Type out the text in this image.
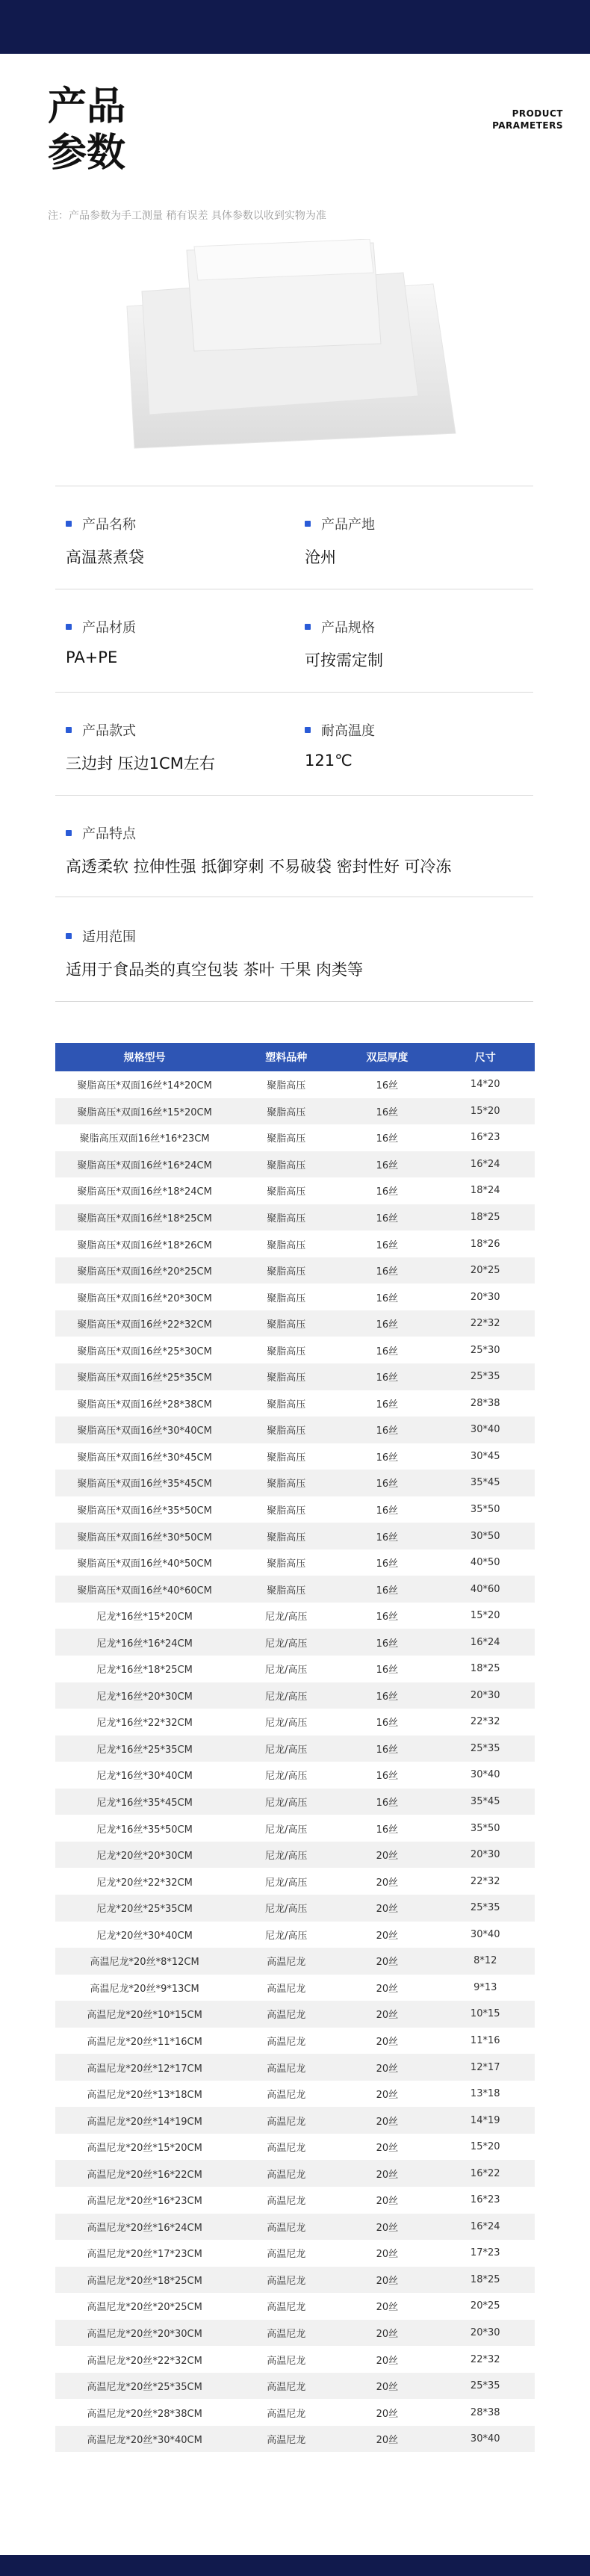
产品
参数
PRODUCT
PARAMETERS
注：产品参数为手工测量 稍有误差 具体参数以收到实物为准
产品名称
高温蒸煮袋
产品产地
沧州
产品材质
PA+PE
产品规格
可按需定制
产品款式
三边封 压边1CM左右
耐高温度
121℃
产品特点
高透柔软 拉伸性强 抵御穿刺 不易破袋 密封性好 可冷冻
适用范围
适用于食品类的真空包装 茶叶 干果 肉类等
规格型号	塑料品种	双层厚度	尺寸
聚脂高压*双面16丝*14*20CM	聚脂高压	16丝	14*20
聚脂高压*双面16丝*15*20CM	聚脂高压	16丝	15*20
聚脂高压双面16丝*16*23CM	聚脂高压	16丝	16*23
聚脂高压*双面16丝*16*24CM	聚脂高压	16丝	16*24
聚脂高压*双面16丝*18*24CM	聚脂高压	16丝	18*24
聚脂高压*双面16丝*18*25CM	聚脂高压	16丝	18*25
聚脂高压*双面16丝*18*26CM	聚脂高压	16丝	18*26
聚脂高压*双面16丝*20*25CM	聚脂高压	16丝	20*25
聚脂高压*双面16丝*20*30CM	聚脂高压	16丝	20*30
聚脂高压*双面16丝*22*32CM	聚脂高压	16丝	22*32
聚脂高压*双面16丝*25*30CM	聚脂高压	16丝	25*30
聚脂高压*双面16丝*25*35CM	聚脂高压	16丝	25*35
聚脂高压*双面16丝*28*38CM	聚脂高压	16丝	28*38
聚脂高压*双面16丝*30*40CM	聚脂高压	16丝	30*40
聚脂高压*双面16丝*30*45CM	聚脂高压	16丝	30*45
聚脂高压*双面16丝*35*45CM	聚脂高压	16丝	35*45
聚脂高压*双面16丝*35*50CM	聚脂高压	16丝	35*50
聚脂高压*双面16丝*30*50CM	聚脂高压	16丝	30*50
聚脂高压*双面16丝*40*50CM	聚脂高压	16丝	40*50
聚脂高压*双面16丝*40*60CM	聚脂高压	16丝	40*60
尼龙*16丝*15*20CM	尼龙/高压	16丝	15*20
尼龙*16丝*16*24CM	尼龙/高压	16丝	16*24
尼龙*16丝*18*25CM	尼龙/高压	16丝	18*25
尼龙*16丝*20*30CM	尼龙/高压	16丝	20*30
尼龙*16丝*22*32CM	尼龙/高压	16丝	22*32
尼龙*16丝*25*35CM	尼龙/高压	16丝	25*35
尼龙*16丝*30*40CM	尼龙/高压	16丝	30*40
尼龙*16丝*35*45CM	尼龙/高压	16丝	35*45
尼龙*16丝*35*50CM	尼龙/高压	16丝	35*50
尼龙*20丝*20*30CM	尼龙/高压	20丝	20*30
尼龙*20丝*22*32CM	尼龙/高压	20丝	22*32
尼龙*20丝*25*35CM	尼龙/高压	20丝	25*35
尼龙*20丝*30*40CM	尼龙/高压	20丝	30*40
高温尼龙*20丝*8*12CM	高温尼龙	20丝	8*12
高温尼龙*20丝*9*13CM	高温尼龙	20丝	9*13
高温尼龙*20丝*10*15CM	高温尼龙	20丝	10*15
高温尼龙*20丝*11*16CM	高温尼龙	20丝	11*16
高温尼龙*20丝*12*17CM	高温尼龙	20丝	12*17
高温尼龙*20丝*13*18CM	高温尼龙	20丝	13*18
高温尼龙*20丝*14*19CM	高温尼龙	20丝	14*19
高温尼龙*20丝*15*20CM	高温尼龙	20丝	15*20
高温尼龙*20丝*16*22CM	高温尼龙	20丝	16*22
高温尼龙*20丝*16*23CM	高温尼龙	20丝	16*23
高温尼龙*20丝*16*24CM	高温尼龙	20丝	16*24
高温尼龙*20丝*17*23CM	高温尼龙	20丝	17*23
高温尼龙*20丝*18*25CM	高温尼龙	20丝	18*25
高温尼龙*20丝*20*25CM	高温尼龙	20丝	20*25
高温尼龙*20丝*20*30CM	高温尼龙	20丝	20*30
高温尼龙*20丝*22*32CM	高温尼龙	20丝	22*32
高温尼龙*20丝*25*35CM	高温尼龙	20丝	25*35
高温尼龙*20丝*28*38CM	高温尼龙	20丝	28*38
高温尼龙*20丝*30*40CM	高温尼龙	20丝	30*40
